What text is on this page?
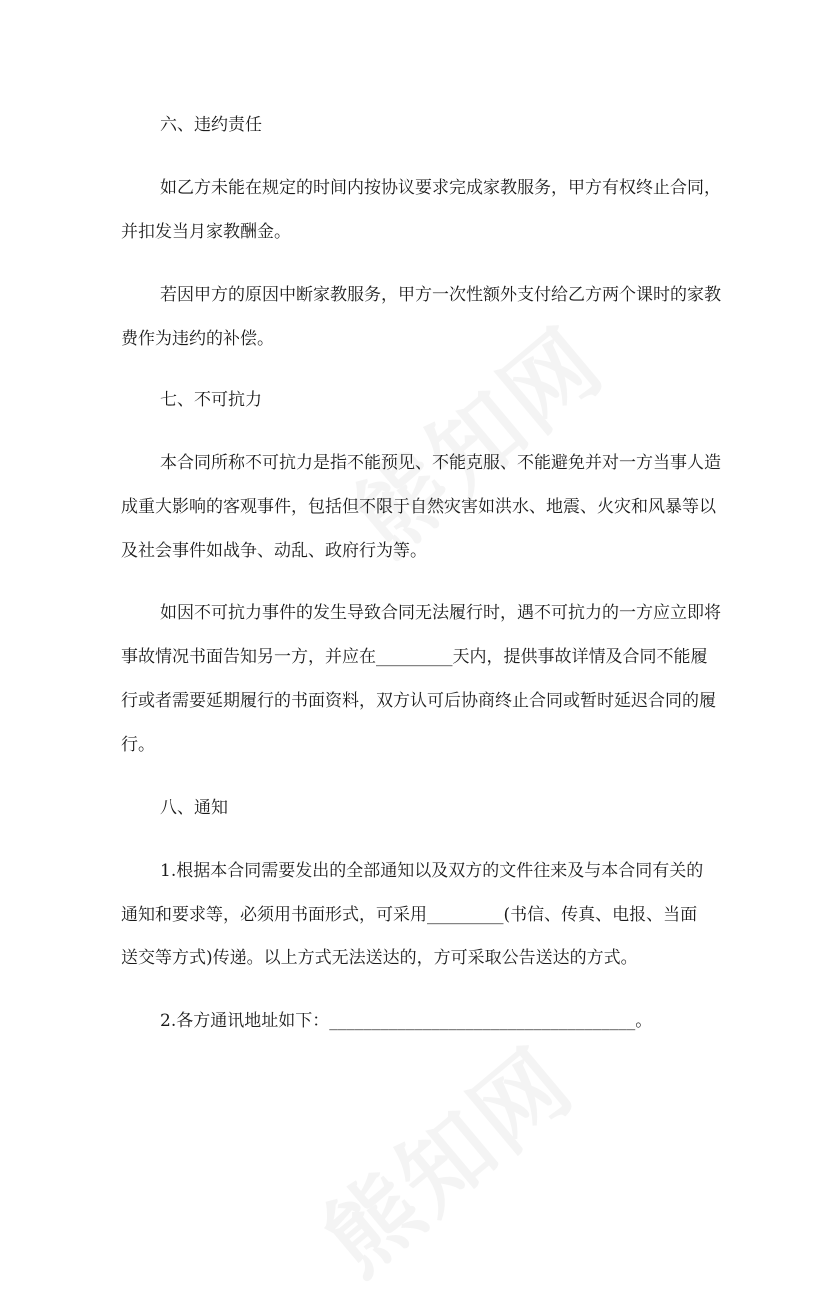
六、违约责任
如乙方未能在规定的时间内按协议要求完成家教服务，甲方有权终止合同，
并扣发当月家教酬金。
若因甲方的原因中断家教服务，甲方一次性额外支付给乙方两个课时的家教
费作为违约的补偿。
七、不可抗力
本合同所称不可抗力是指不能预见、不能克服、不能避免并对一方当事人造
成重大影响的客观事件，包括但不限于自然灾害如洪水、地震、火灾和风暴等以
及社会事件如战争、动乱、政府行为等。
如因不可抗力事件的发生导致合同无法履行时，遇不可抗力的一方应立即将
事故情况书面告知另一方，并应在_________天内，提供事故详情及合同不能履
行或者需要延期履行的书面资料，双方认可后协商终止合同或暂时延迟合同的履
行。
八、通知
1.根据本合同需要发出的全部通知以及双方的文件往来及与本合同有关的
通知和要求等，必须用书面形式，可采用_________(书信、传真、电报、当面
送交等方式)传递。以上方式无法送达的，方可采取公告送达的方式。
2.各方通讯地址如下：____________________________________。
